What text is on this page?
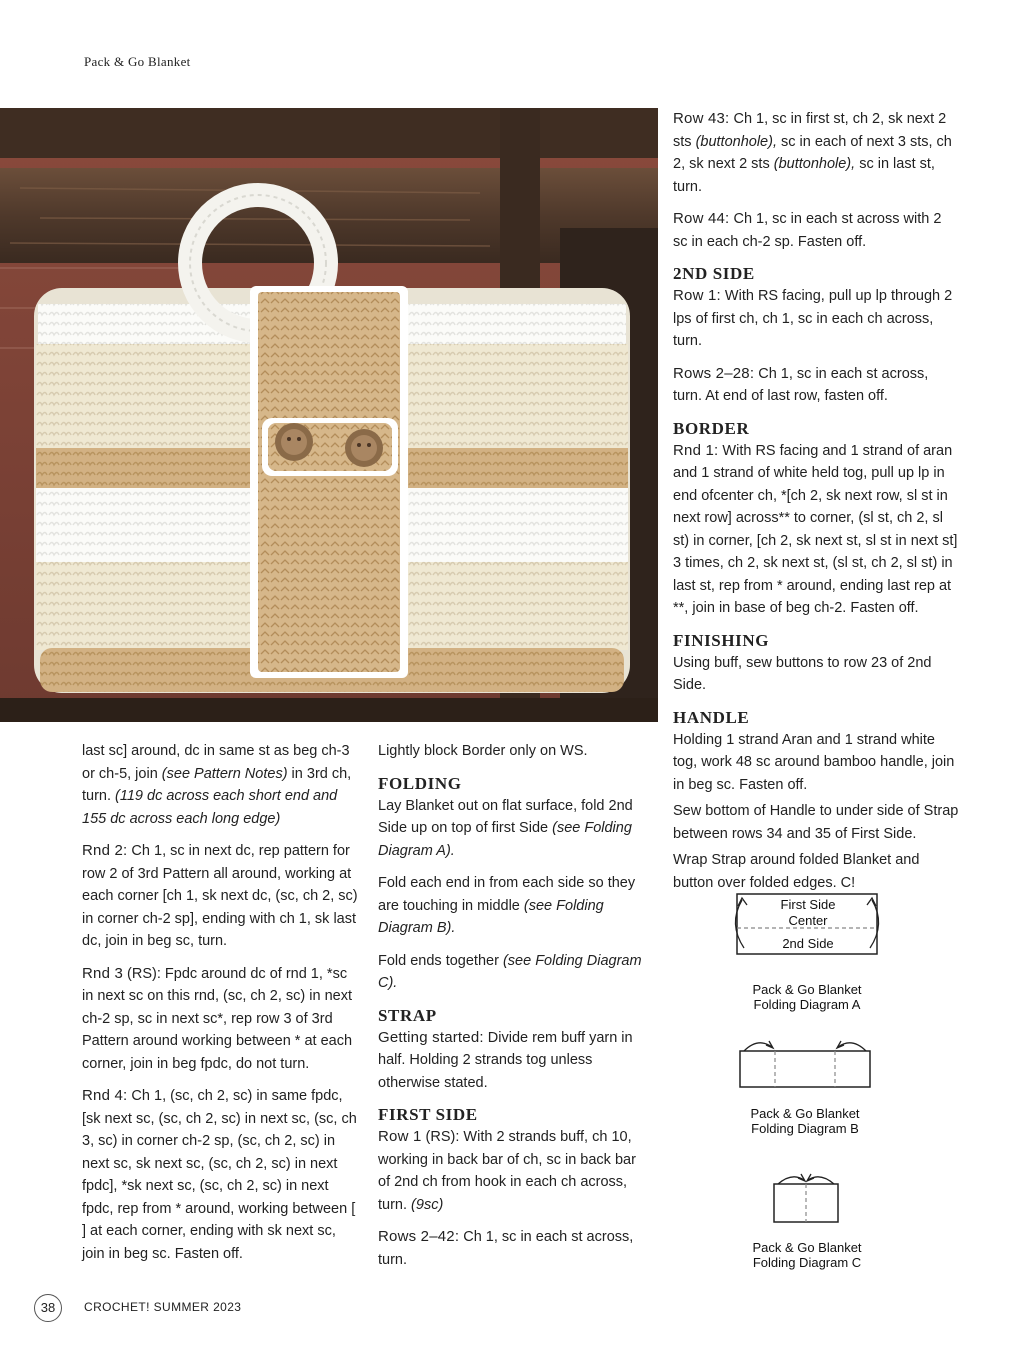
Pack & Go Blanket

last sc] around, dc in same st as beg ch-3 or ch-5, join (see Pattern Notes) in 3rd ch, turn. (119 dc across each short end and 155 dc across each long edge)

Rnd 2: Ch 1, sc in next dc, rep pattern for row 2 of 3rd Pattern all around, working at each corner [ch 1, sk next dc, (sc, ch 2, sc) in corner ch-2 sp], ending with ch 1, sk last dc, join in beg sc, turn.

Rnd 3 (RS): Fpdc around dc of rnd 1, *sc in next sc on this rnd, (sc, ch 2, sc) in next ch-2 sp, sc in next sc*, rep row 3 of 3rd Pattern around working between * at each corner, join in beg fpdc, do not turn.

Rnd 4: Ch 1, (sc, ch 2, sc) in same fpdc, [sk next sc, (sc, ch 2, sc) in next sc, (sc, ch 3, sc) in corner ch-2 sp, (sc, ch 2, sc) in next sc, sk next sc, (sc, ch 2, sc) in next fpdc], *sk next sc, (sc, ch 2, sc) in next fpdc, rep from * around, working between [ ] at each corner, ending with sk next sc, join in beg sc. Fasten off.

Lightly block Border only on WS.

FOLDING

Lay Blanket out on flat surface, fold 2nd Side up on top of first Side (see Folding Diagram A).

Fold each end in from each side so they are touching in middle (see Folding Diagram B).

Fold ends together (see Folding Diagram C).

STRAP

Getting started: Divide rem buff yarn in half. Holding 2 strands tog unless otherwise stated.

FIRST SIDE

Row 1 (RS): With 2 strands buff, ch 10, working in back bar of ch, sc in back bar of 2nd ch from hook in each ch across, turn. (9sc)

Rows 2–42: Ch 1, sc in each st across, turn.

Row 43: Ch 1, sc in first st, ch 2, sk next 2 sts (buttonhole), sc in each of next 3 sts, ch 2, sk next 2 sts (buttonhole), sc in last st, turn.

Row 44: Ch 1, sc in each st across with 2 sc in each ch-2 sp. Fasten off.

2ND SIDE

Row 1: With RS facing, pull up lp through 2 lps of first ch, ch 1, sc in each ch across, turn.

Rows 2–28: Ch 1, sc in each st across, turn. At end of last row, fasten off.

BORDER

Rnd 1: With RS facing and 1 strand of aran and 1 strand of white held tog, pull up lp in end ofcenter ch, *[ch 2, sk next row, sl st in next row] across** to corner, (sl st, ch 2, sl st) in corner, [ch 2, sk next st, sl st in next st] 3 times, ch 2, sk next st, (sl st, ch 2, sl st) in last st, rep from * around, ending last rep at **, join in base of beg ch-2. Fasten off.

FINISHING

Using buff, sew buttons to row 23 of 2nd Side.

HANDLE

Holding 1 strand Aran and 1 strand white tog, work 48 sc around bamboo handle, join in beg sc. Fasten off.

Sew bottom of Handle to under side of Strap between rows 34 and 35 of First Side.

Wrap Strap around folded Blanket and button over folded edges. C!

First Side
Center
2nd Side
Pack & Go Blanket
Folding Diagram A
Pack & Go Blanket
Folding Diagram B
Pack & Go Blanket
Folding Diagram C
38	CROCHET! SUMMER 2023
